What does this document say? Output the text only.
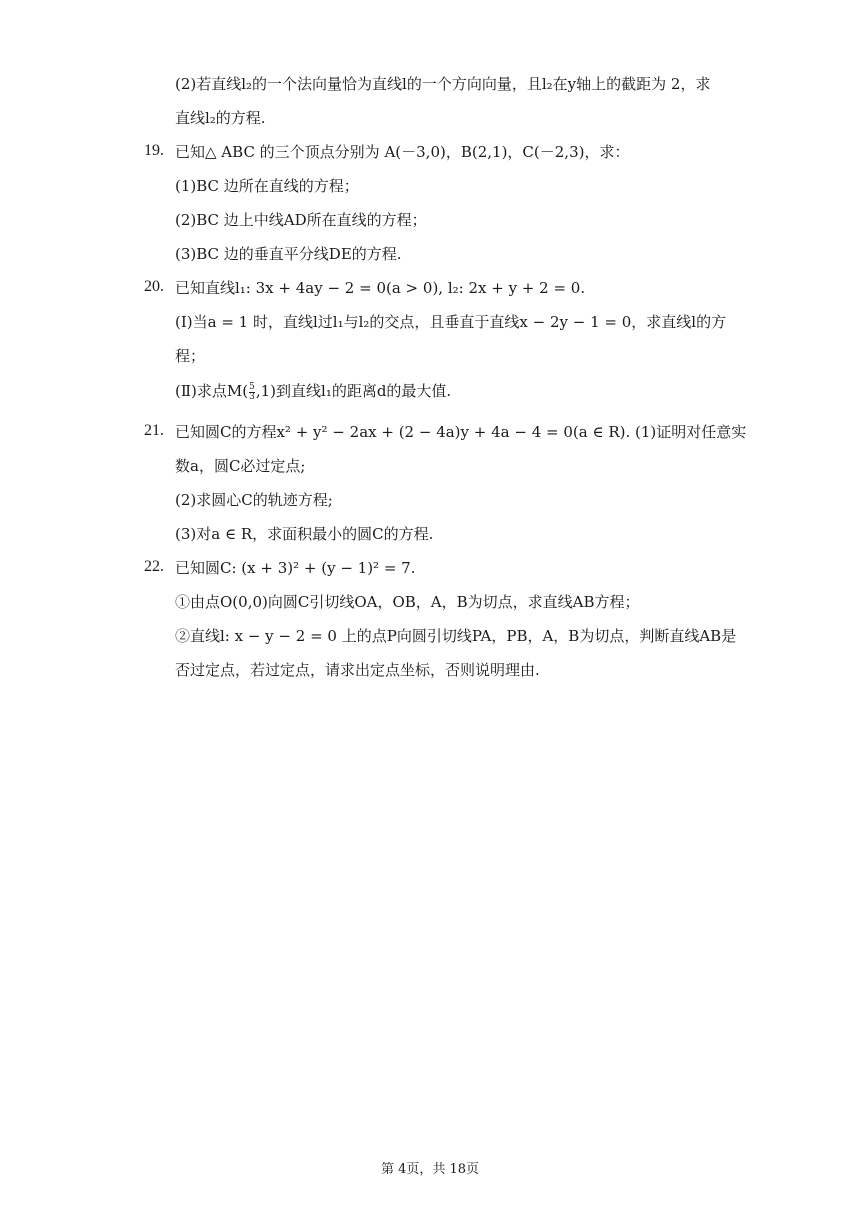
(2)若直线l₂的一个法向量恰为直线l的一个方向向量，且l₂在y轴上的截距为 2，求
直线l₂的方程.
19. 已知△ ABC 的三个顶点分别为 A(－3,0)，B(2,1)，C(－2,3)，求：
(1)BC 边所在直线的方程；
(2)BC 边上中线AD所在直线的方程；
(3)BC 边的垂直平分线DE的方程.
20. 已知直线l₁: 3x + 4ay − 2 = 0(a > 0), l₂: 2x + y + 2 = 0.
(Ⅰ)当a = 1 时，直线l过l₁与l₂的交点，且垂直于直线x − 2y − 1 = 0，求直线l的方
程；
(Ⅱ)求点$M( \frac{5}{3} ,1)$到直线l₁的距离d的最大值.
21. 已知圆C的方程x² + y² − 2ax + (2 − 4a)y + 4a − 4 = 0(a ∈ R). (1)证明对任意实
数a，圆C必过定点;
(2)求圆心C的轨迹方程;
(3)对a ∈ R，求面积最小的圆C的方程.
22. 已知圆C: (x + 3)² + (y − 1)² = 7.
①由点O(0,0)向圆C引切线OA，OB，A，B为切点，求直线AB方程；
②直线l: x − y − 2 = 0 上的点P向圆引切线PA，PB，A，B为切点，判断直线AB是
否过定点，若过定点，请求出定点坐标，否则说明理由.
第 4页，共 18页
